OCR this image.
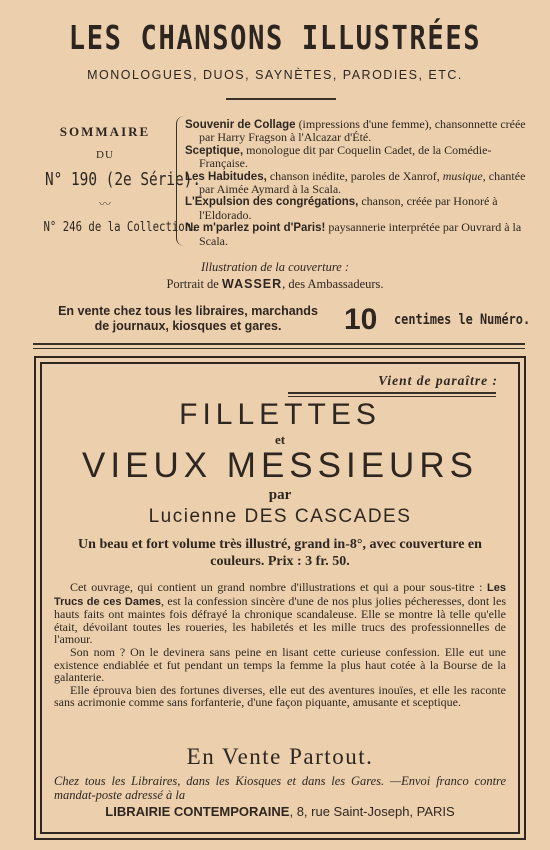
LES CHANSONS ILLUSTRÉES
MONOLOGUES, DUOS, SAYNÈTES, PARODIES, ETC.
SOMMAIRE
DU
N° 190 (2e Série).
〰
N° 246 de la Collection.
Souvenir de Collage (impressions d'une femme), chansonnette créée par Harry Fragson à l'Alcazar d'Été.
Sceptique, monologue dit par Coquelin Cadet, de la Comédie-Française.
Les Habitudes, chanson inédite, paroles de Xanrof, musique, chantée par Aimée Aymard à la Scala.
L'Expulsion des congrégations, chanson, créée par Honoré à l'Eldorado.
Ne m'parlez point d'Paris! paysannerie interprétée par Ouvrard à la Scala.
Illustration de la couverture :
Portrait de WASSER, des Ambassadeurs.
En vente chez tous les libraires, marchands
de journaux, kiosques et gares.	10 centimes le Numéro.
Vient de paraître :
FILLETTES
et
VIEUX MESSIEURS
par
Lucienne DES CASCADES
Un beau et fort volume très illustré, grand in-8°, avec couverture en couleurs. Prix : 3 fr. 50.

Cet ouvrage, qui contient un grand nombre d'illustrations et qui a pour sous-titre : Les Trucs de ces Dames, est la confession sincère d'une de nos plus jolies pécheresses, dont les hauts faits ont maintes fois défrayé la chronique scandaleuse. Elle se montre là telle qu'elle était, dévoilant toutes les roueries, les habiletés et les mille trucs des professionnelles de l'amour.

Son nom ? On le devinera sans peine en lisant cette curieuse confession. Elle eut une existence endiablée et fut pendant un temps la femme la plus haut cotée à la Bourse de la galanterie.

Elle éprouva bien des fortunes diverses, elle eut des aventures inouïes, et elle les raconte sans acrimonie comme sans forfanterie, d'une façon piquante, amusante et sceptique.

En Vente Partout.
Chez tous les Libraires, dans les Kiosques et dans les Gares. —Envoi franco contre mandat-poste adressé à la
LIBRAIRIE CONTEMPORAINE, 8, rue Saint-Joseph, PARIS
